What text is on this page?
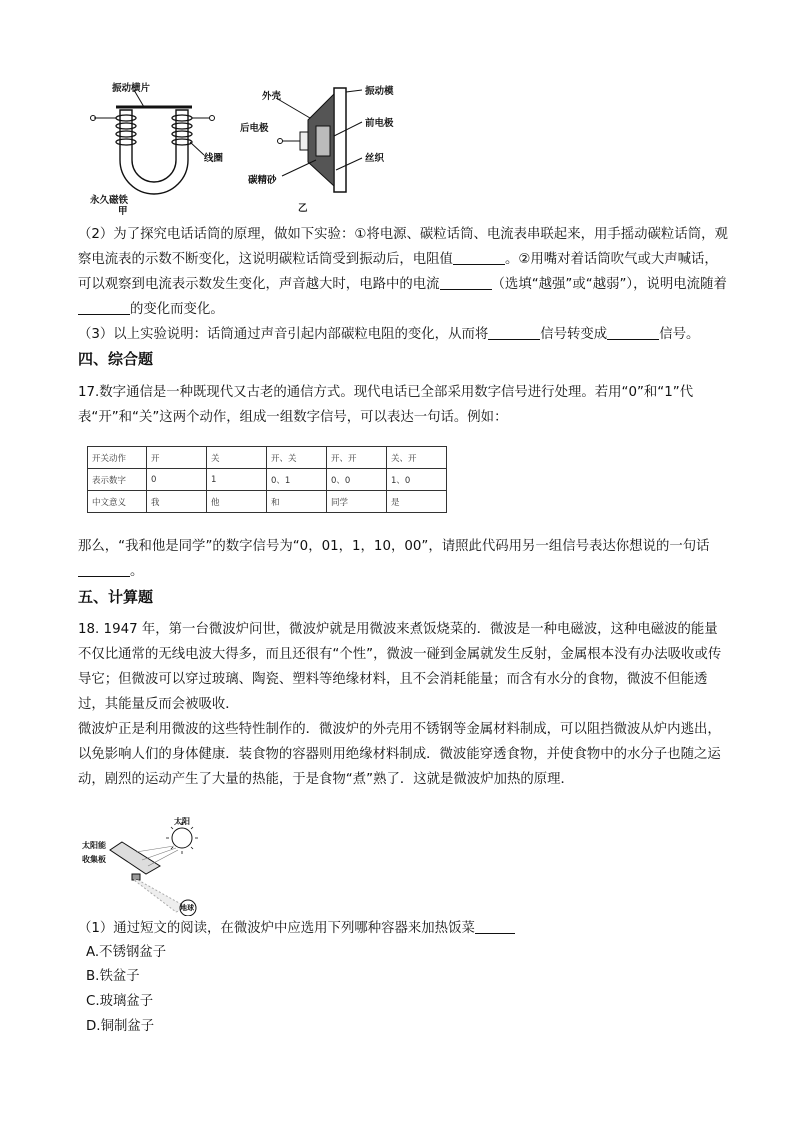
振动横片
线圈
永久磁铁
甲
外壳	振动模
后电极	前电极
丝织
碳精砂
乙

（2）为了探究电话话筒的原理，做如下实验：①将电源、碳粒话筒、电流表串联起来，用手摇动碳粒话筒，观察电流表的示数不断变化，这说明碳粒话筒受到振动后，电阻值	。②用嘴对着话筒吹气或大声喊话，可以观察到电流表示数发生变化，声音越大时，电路中的电流	（选填“越强”或“越弱”），说明电流随着的变化而变化。

（3）以上实验说明：话筒通过声音引起内部碳粒电阻的变化，从而将	信号转变成	信号。

四、综合题

17.数字通信是一种既现代又古老的通信方式。现代电话已全部采用数字信号进行处理。若用“0”和“1”代表“开”和“关”这两个动作，组成一组数字信号，可以表达一句话。例如：

开关动作	开	关	开、关	开、开	关、开
表示数字	0	1	0、1	0、0	1、0
中文意义	我	他	和	同学	是

那么，“我和他是同学”的数字信号为“0，01，1，10，00”，请照此代码用另一组信号表达你想说的一句话
。

五、计算题

18. 1947 年，第一台微波炉问世，微波炉就是用微波来煮饭烧菜的．微波是一种电磁波，这种电磁波的能量不仅比通常的无线电波大得多，而且还很有“个性”，微波一碰到金属就发生反射，金属根本没有办法吸收或传导它；但微波可以穿过玻璃、陶瓷、塑料等绝缘材料，且不会消耗能量；而含有水分的食物，微波不但能透过，其能量反而会被吸收．

微波炉正是利用微波的这些特性制作的．微波炉的外壳用不锈钢等金属材料制成，可以阻挡微波从炉内逃出，以免影响人们的身体健康．装食物的容器则用绝缘材料制成．微波能穿透食物，并使食物中的水分子也随之运动，剧烈的运动产生了大量的热能，于是食物“煮”熟了．这就是微波炉加热的原理．

太阳
太阳能
收集板
地球

（1）通过短文的阅读，在微波炉中应选用下列哪种容器来加热饭菜

A.不锈钢盆子
B.铁盆子
C.玻璃盆子
D.铜制盆子
